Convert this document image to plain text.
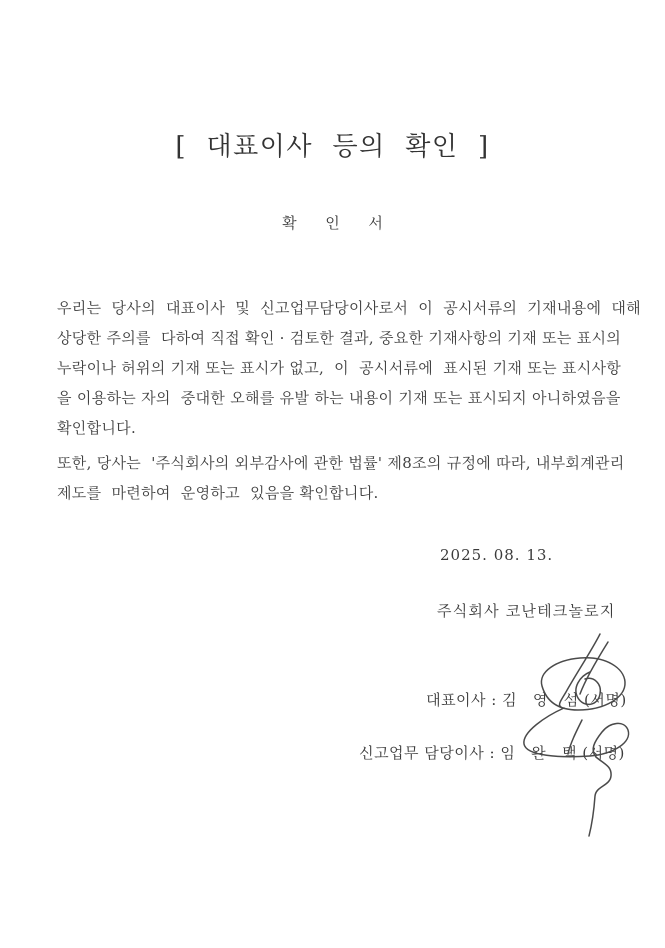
[  대표이사  등의  확인  ]
확      인      서
우리는  당사의  대표이사  및  신고업무담당이사로서  이  공시서류의  기재내용에  대해
상당한 주의를  다하여 직접 확인 · 검토한 결과, 중요한 기재사항의 기재 또는 표시의
누락이나 허위의 기재 또는 표시가 없고,  이  공시서류에  표시된 기재 또는 표시사항
을 이용하는 자의  중대한 오해를 유발 하는 내용이 기재 또는 표시되지 아니하였음을
확인합니다.
또한, 당사는  '주식회사의 외부감사에 관한 법률' 제8조의 규정에 따라, 내부회계관리
제도를  마련하여  운영하고  있음을 확인합니다.
2025. 08. 13.
주식회사 코난테크놀로지

대표이사 : 김   영   섬 (서명)

신고업무 담당이사 : 임   완   택 (서명)
